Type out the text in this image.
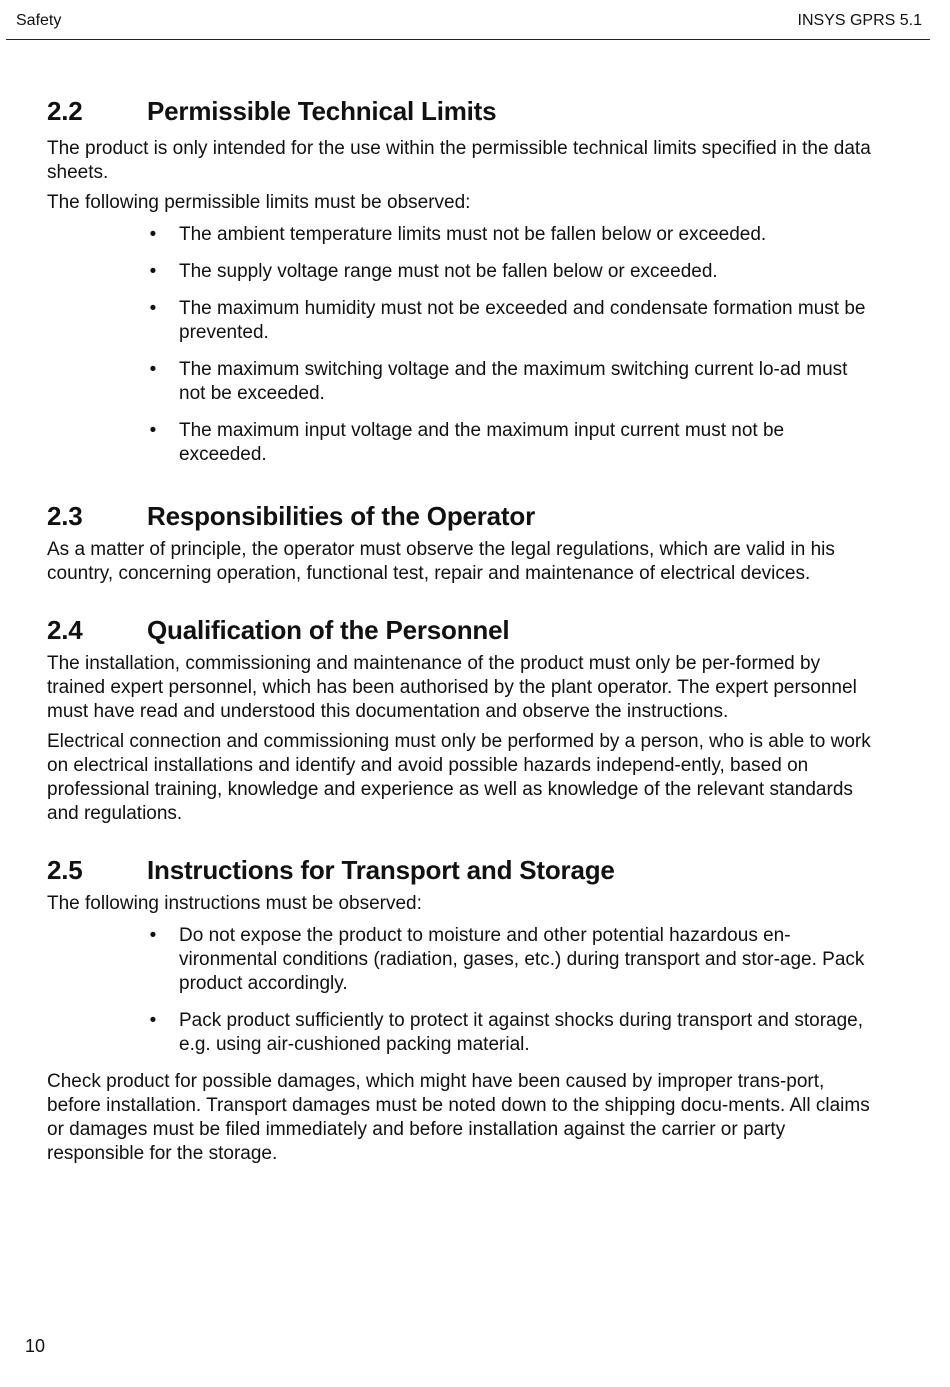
Safety	INSYS GPRS 5.1
2.2	Permissible Technical Limits

The product is only intended for the use within the permissible technical limits specified in the data sheets.

The following permissible limits must be observed:

• The ambient temperature limits must not be fallen below or exceeded.
• The supply voltage range must not be fallen below or exceeded.
• The maximum humidity must not be exceeded and condensate formation must be prevented.
• The maximum switching voltage and the maximum switching current lo-ad must not be exceeded.
• The maximum input voltage and the maximum input current must not be exceeded.
2.3	Responsibilities of the Operator

As a matter of principle, the operator must observe the legal regulations, which are valid in his country, concerning operation, functional test, repair and maintenance of electrical devices.

2.4	Qualification of the Personnel

The installation, commissioning and maintenance of the product must only be per-formed by trained expert personnel, which has been authorised by the plant operator. The expert personnel must have read and understood this documentation and observe the instructions.

Electrical connection and commissioning must only be performed by a person, who is able to work on electrical installations and identify and avoid possible hazards independ-ently, based on professional training, knowledge and experience as well as knowledge of the relevant standards and regulations.

2.5	Instructions for Transport and Storage

The following instructions must be observed:

• Do not expose the product to moisture and other potential hazardous en-vironmental conditions (radiation, gases, etc.) during transport and stor-age. Pack product accordingly.
• Pack product sufficiently to protect it against shocks during transport and storage, e.g. using air-cushioned packing material.

Check product for possible damages, which might have been caused by improper trans-port, before installation. Transport damages must be noted down to the shipping docu-ments. All claims or damages must be filed immediately and before installation against the carrier or party responsible for the storage.

10
